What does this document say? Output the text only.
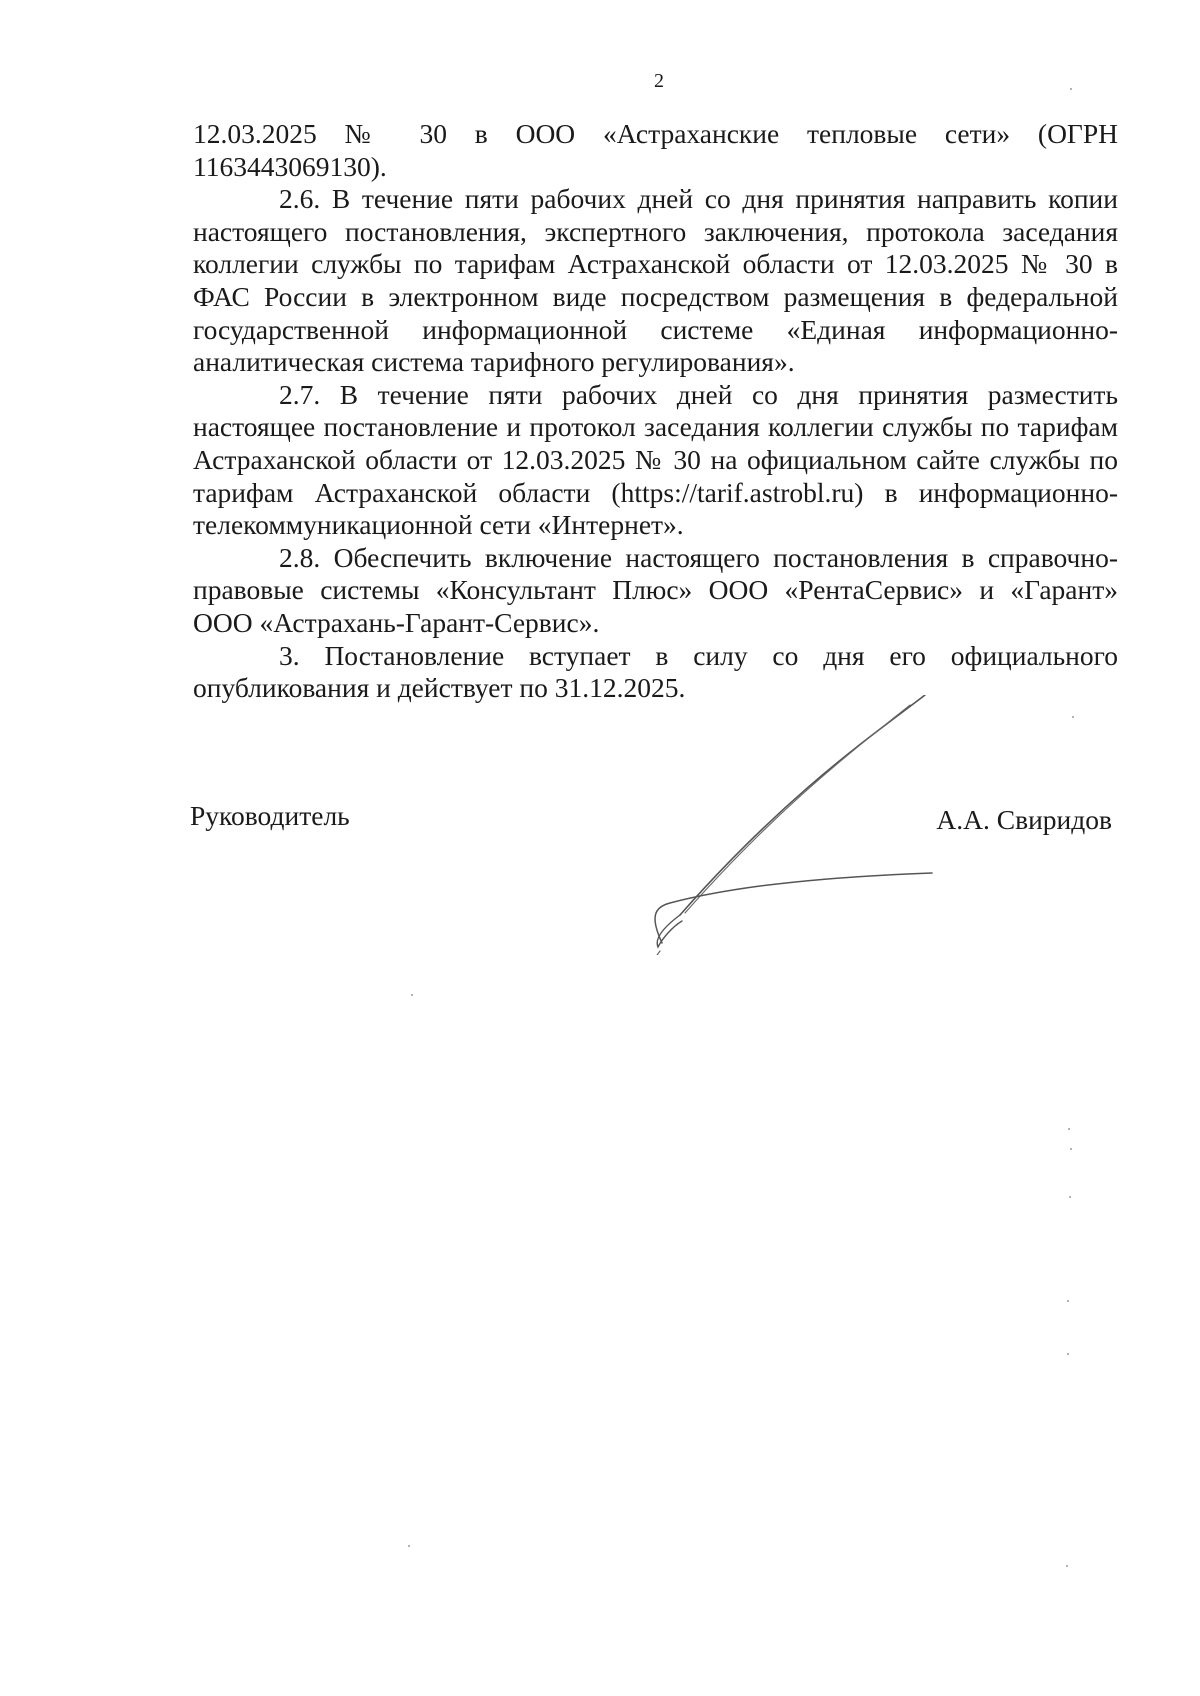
2

12.03.2025 № 30 в ООО «Астраханские тепловые сети» (ОГРН 1163443069130).

2.6. В течение пяти рабочих дней со дня принятия направить копии настоящего постановления, экспертного заключения, протокола заседания коллегии службы по тарифам Астраханской области от 12.03.2025 № 30 в ФАС России в электронном виде посредством размещения в федеральной государственной информационной системе «Единая информационно-аналитическая система тарифного регулирования».

2.7. В течение пяти рабочих дней со дня принятия разместить настоящее постановление и протокол заседания коллегии службы по тарифам Астраханской области от 12.03.2025 № 30 на официальном сайте службы по тарифам Астраханской области (https://tarif.astrobl.ru) в информационно-телекоммуникационной сети «Интернет».

2.8. Обеспечить включение настоящего постановления в справочно-правовые системы «Консультант Плюс» ООО «РентаСервис» и «Гарант» ООО «Астрахань-Гарант-Сервис».

3. Постановление вступает в силу со дня его официального опубликования и действует по 31.12.2025.

Руководитель	А.А. Свиридов
